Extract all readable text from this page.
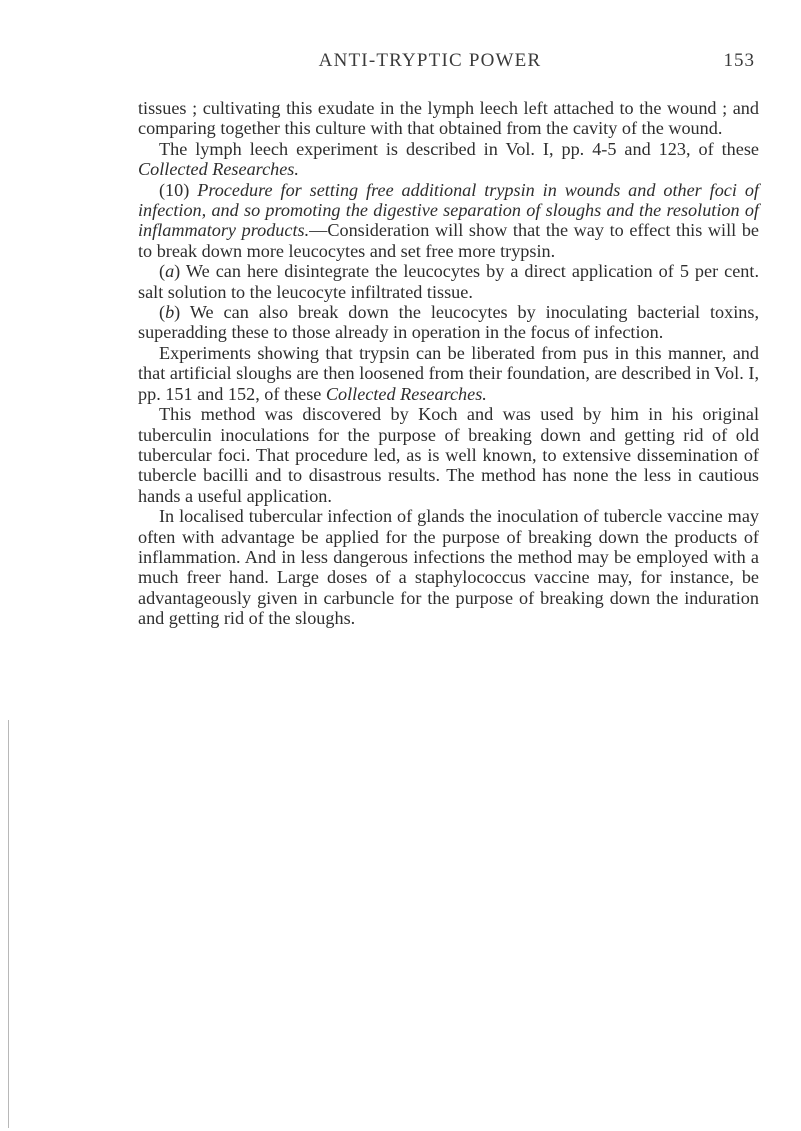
ANTI-TRYPTIC POWER	153

tissues ; cultivating this exudate in the lymph leech left attached to the wound ; and comparing together this culture with that obtained from the cavity of the wound.

The lymph leech experiment is described in Vol. I, pp. 4-5 and 123, of these Collected Researches.

(10) Procedure for setting free additional trypsin in wounds and other foci of infection, and so promoting the digestive separation of sloughs and the resolution of inflammatory products.—Consideration will show that the way to effect this will be to break down more leucocytes and set free more trypsin.

(a) We can here disintegrate the leucocytes by a direct application of 5 per cent. salt solution to the leucocyte infiltrated tissue.

(b) We can also break down the leucocytes by inoculating bacterial toxins, superadding these to those already in operation in the focus of infection.

Experiments showing that trypsin can be liberated from pus in this manner, and that artificial sloughs are then loosened from their foundation, are described in Vol. I, pp. 151 and 152, of these Collected Researches.

This method was discovered by Koch and was used by him in his original tuberculin inoculations for the purpose of breaking down and getting rid of old tubercular foci. That procedure led, as is well known, to extensive dissemination of tubercle bacilli and to disastrous results. The method has none the less in cautious hands a useful application.

In localised tubercular infection of glands the inoculation of tubercle vaccine may often with advantage be applied for the purpose of breaking down the products of inflammation. And in less dangerous infections the method may be employed with a much freer hand. Large doses of a staphylococcus vaccine may, for instance, be advantageously given in carbuncle for the purpose of breaking down the induration and getting rid of the sloughs.
